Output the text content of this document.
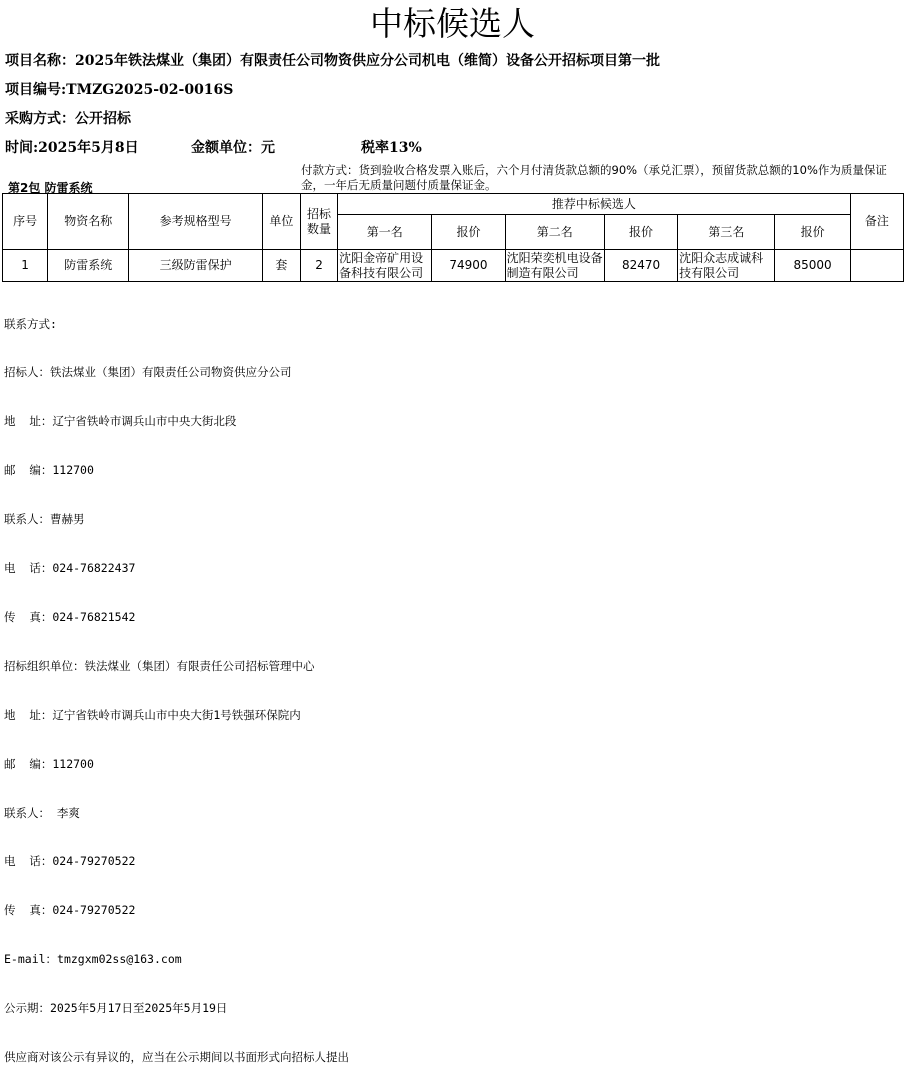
中标候选人
项目名称：2025年铁法煤业（集团）有限责任公司物资供应分公司机电（维简）设备公开招标项目第一批
项目编号:TMZG2025-02-0016S
采购方式：公开招标
时间:2025年5月8日	金额单位：元	税率13%
付款方式：货到验收合格发票入账后，六个月付清货款总额的90%（承兑汇票），预留货款总额的10%作为质量保证金，一年后无质量问题付质量保证金。
第2包 防雷系统
序号	物资名称	参考规格型号	单位	招标数量	推荐中标候选人						备注
					第一名	报价	第二名	报价	第三名	报价	
1	防雷系统	三级防雷保护	套	2	沈阳金帝矿用设备科技有限公司	74900	沈阳荣奕机电设备制造有限公司	82470	沈阳众志成诚科技有限公司	85000	

联系方式:

招标人：铁法煤业（集团）有限责任公司物资供应分公司

地  址：辽宁省铁岭市调兵山市中央大街北段

邮  编：112700

联系人：曹赫男

电  话：024-76822437

传  真：024-76821542

招标组织单位：铁法煤业（集团）有限责任公司招标管理中心

地  址：辽宁省铁岭市调兵山市中央大街1号铁强环保院内

邮  编：112700

联系人： 李爽

电  话：024-79270522

传  真：024-79270522

E-mail：tmzgxm02ss@163.com

公示期：2025年5月17日至2025年5月19日

供应商对该公示有异议的，应当在公示期间以书面形式向招标人提出
